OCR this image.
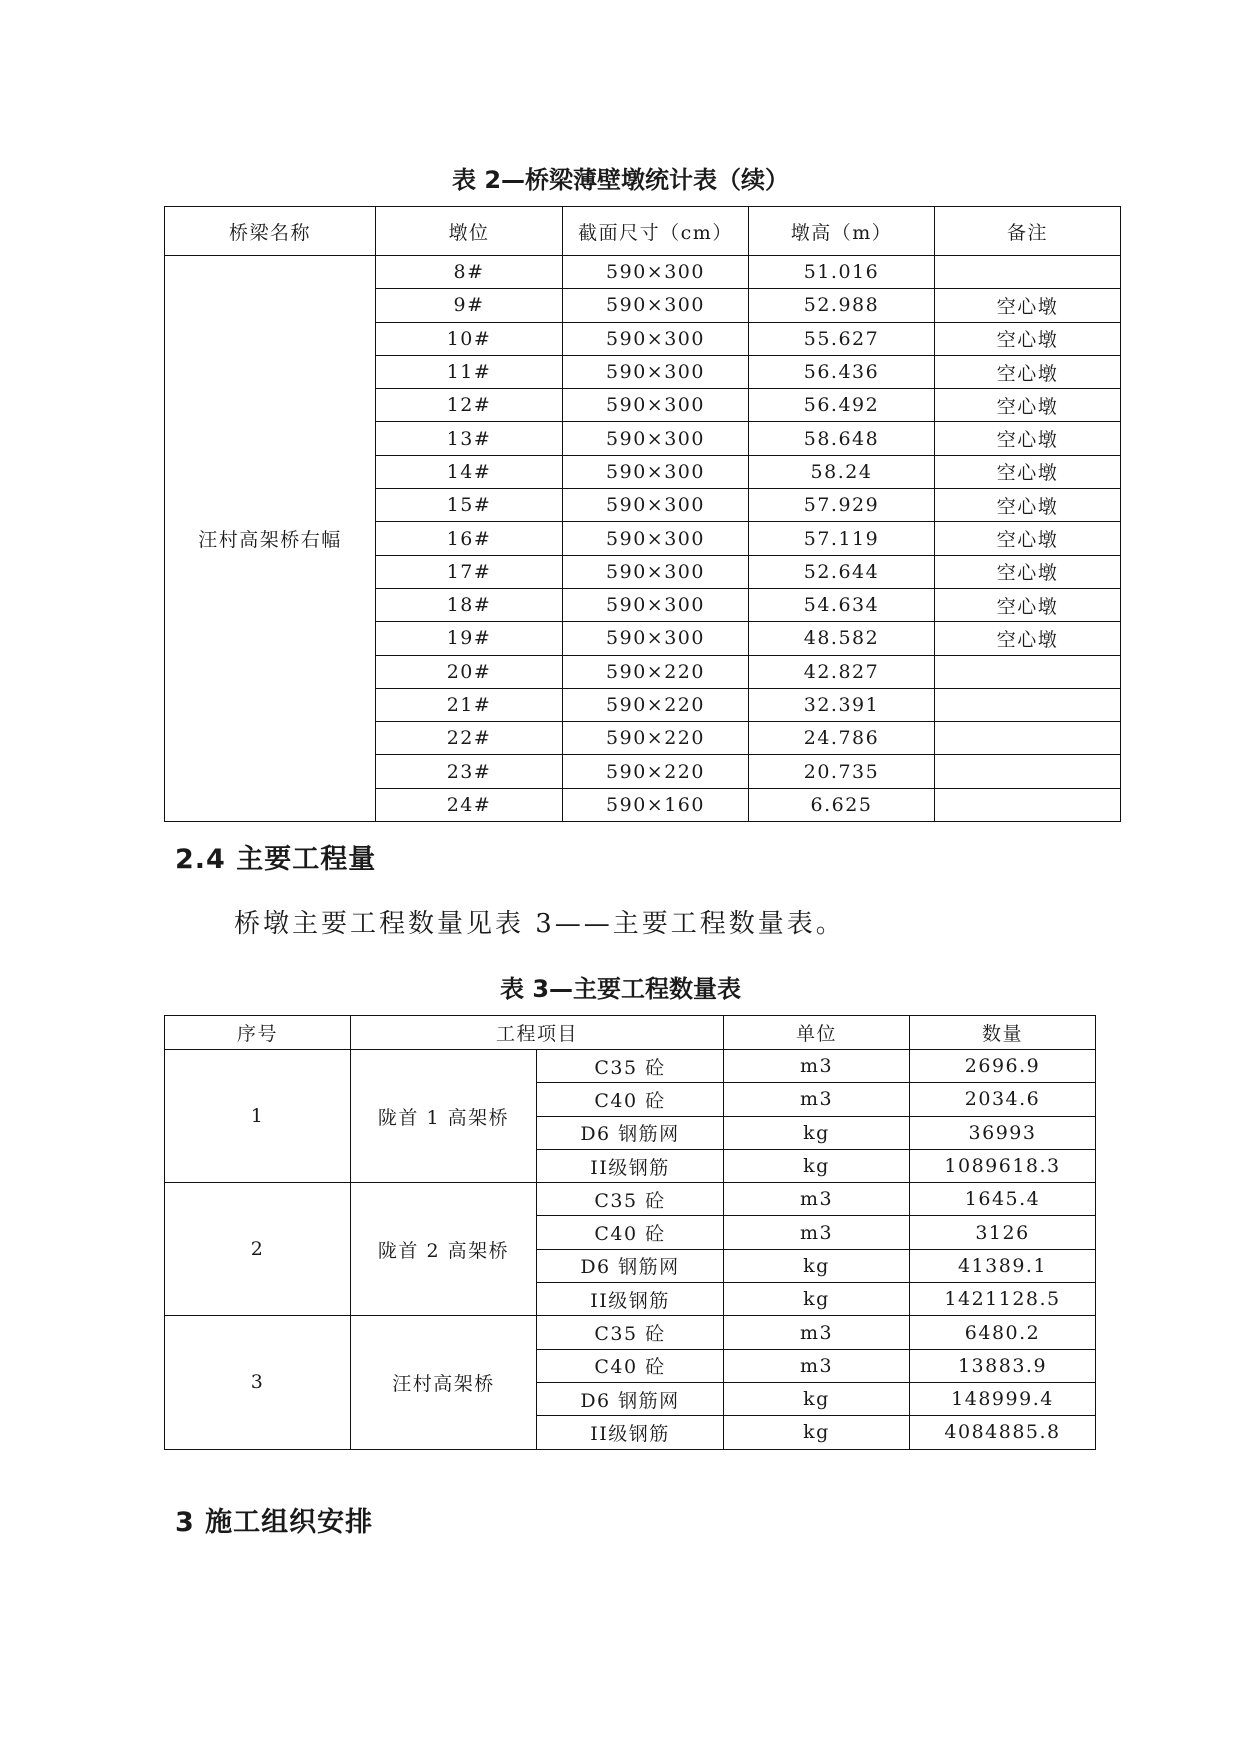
表 2—桥梁薄壁墩统计表（续）
桥梁名称	墩位	截面尺寸（cm）	墩高（m）	备注
汪村高架桥右幅	8#	590×300	51.016	
	9#	590×300	52.988	空心墩
	10#	590×300	55.627	空心墩
	11#	590×300	56.436	空心墩
	12#	590×300	56.492	空心墩
	13#	590×300	58.648	空心墩
	14#	590×300	58.24	空心墩
	15#	590×300	57.929	空心墩
	16#	590×300	57.119	空心墩
	17#	590×300	52.644	空心墩
	18#	590×300	54.634	空心墩
	19#	590×300	48.582	空心墩
	20#	590×220	42.827	
	21#	590×220	32.391	
	22#	590×220	24.786	
	23#	590×220	20.735	
	24#	590×160	6.625	
2.4 主要工程量
桥墩主要工程数量见表 3——主要工程数量表。
表 3—主要工程数量表
序号	工程项目		单位	数量
1	陇首 1 高架桥	C35 砼	m3	2696.9
		C40 砼	m3	2034.6
		D6 钢筋网	kg	36993
		II级钢筋	kg	1089618.3
2	陇首 2 高架桥	C35 砼	m3	1645.4
		C40 砼	m3	3126
		D6 钢筋网	kg	41389.1
		II级钢筋	kg	1421128.5
3	汪村高架桥	C35 砼	m3	6480.2
		C40 砼	m3	13883.9
		D6 钢筋网	kg	148999.4
		II级钢筋	kg	4084885.8
3 施工组织安排
